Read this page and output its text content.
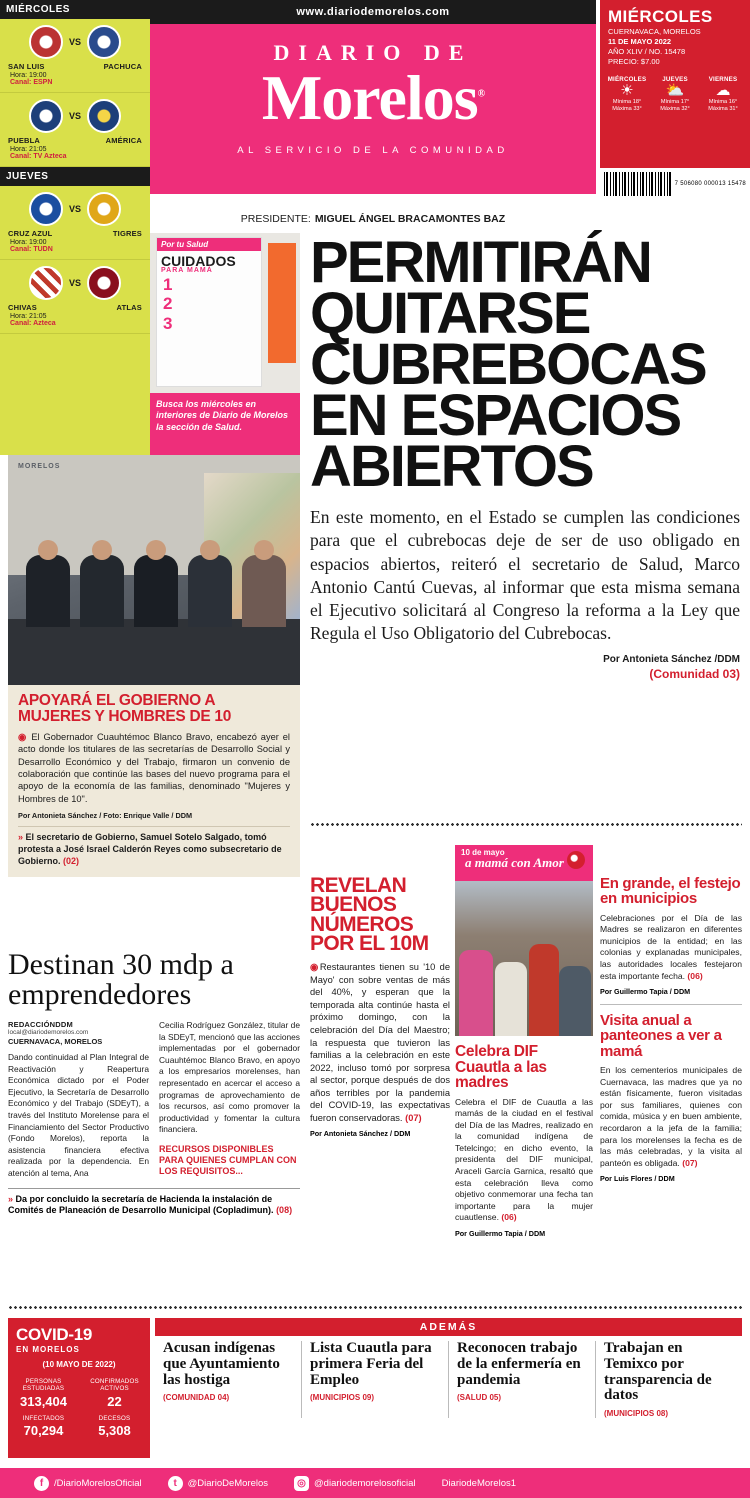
MIÉRCOLES
VS
SAN LUIS	PACHUCA
Hora: 19:00
Canal: ESPN
VS
PUEBLA	AMÉRICA
Hora: 21:05
Canal: TV Azteca
JUEVES
VS
CRUZ AZUL	TIGRES
Hora: 19:00
Canal: TUDN
VS
CHIVAS	ATLAS
Hora: 21:05
Canal: Azteca
www.diariodemorelos.com
DIARIO DE
Morelos®
AL SERVICIO DE LA COMUNIDAD
PRESIDENTE: MIGUEL ÁNGEL BRACAMONTES BAZ
MIÉRCOLES
CUERNAVACA, MORELOS
11 DE MAYO 2022
AÑO XLIV / NO. 15478
PRECIO: $7.00
MIÉRCOLES
☀
Mínima 18°
Máxima 33°
JUEVES
⛅
Mínima 17°
Máxima 32°
VIERNES
☁
Mínima 16°
Máxima 31°
7 506080 000013 15478
Por tu Salud
CUIDADOS
PARA MAMÁ
1
2
3
Busca los miércoles en interiores de Diario de Morelos la sección de Salud.
PERMITIRÁN QUITARSE CUBREBOCAS EN ESPACIOS ABIERTOS

En este momento, en el Estado se cumplen las condiciones para que el cubrebocas deje de ser de uso obligado en espacios abiertos, reiteró el secretario de Salud, Marco Antonio Cantú Cuevas, al informar que esta misma semana el Ejecutivo solicitará al Congreso la reforma a la Ley que Regula el Uso Obligatorio del Cubrebocas.

Por Antonieta Sánchez /DDM
(Comunidad 03)
MORELOS
APOYARÁ EL GOBIERNO A MUJERES Y HOMBRES DE 10
◉ El Gobernador Cuauhtémoc Blanco Bravo, encabezó ayer el acto donde los titulares de las secretarías de Desarrollo Social y Desarrollo Económico y del Trabajo, firmaron un convenio de colaboración que continúe las bases del nuevo programa para el apoyo de la economía de las familias, denominado "Mujeres y Hombres de 10".
Por Antonieta Sánchez / Foto: Enrique Valle / DDM
» El secretario de Gobierno, Samuel Sotelo Salgado, tomó protesta a José Israel Calderón Reyes como subsecretario de Gobierno. (02)
Destinan 30 mdp a emprendedores
REDACCIÓNDDM
local@diariodemorelos.com
CUERNAVACA, MORELOS
Dando continuidad al Plan Integral de Reactivación y Reapertura Económica dictado por el Poder Ejecutivo, la Secretaría de Desarrollo Económico y del Trabajo (SDEyT), a través del Instituto Morelense para el Financiamiento del Sector Productivo (Fondo Morelos), reporta la asistencia financiera efectiva realizada por la dependencia. En atención al tema, Ana
Cecilia Rodríguez González, titular de la SDEyT, mencionó que las acciones implementadas por el gobernador Cuauhtémoc Blanco Bravo, en apoyo a los empresarios morelenses, han representado en acercar el acceso a programas de aprovechamiento de los recursos, así como promover la productividad y fomentar la cultura financiera.
RECURSOS DISPONIBLES PARA QUIENES CUMPLAN CON LOS REQUISITOS...
» Da por concluido la secretaría de Hacienda la instalación de Comités de Planeación de Desarrollo Municipal (Copladimun). (08)
REVELAN BUENOS NÚMEROS POR EL 10M

◉Restaurantes tienen su '10 de Mayo' con sobre ventas de más del 40%, y esperan que la temporada alta continúe hasta el próximo domingo, con la celebración del Día del Maestro; la respuesta que tuvieron las familias a la celebración en este 2022, incluso tomó por sorpresa al sector, porque después de dos años terribles por la pandemia del COVID-19, las expectativas fueron conservadoras. (07)

Por Antonieta Sánchez / DDM
10 de mayo
a mamá con Amor
Celebra DIF Cuautla a las madres
Celebra el DIF de Cuautla a las mamás de la ciudad en el festival del Día de las Madres, realizado en la comunidad indígena de Tetelcingo; en dicho evento, la presidenta del DIF municipal, Araceli García Garnica, resaltó que esta celebración lleva como objetivo conmemorar una fecha tan importante para la mujer cuautlense. (06)
Por Guillermo Tapia / DDM
En grande, el festejo en municipios

Celebraciones por el Día de las Madres se realizaron en diferentes municipios de la entidad; en las colonias y explanadas municipales, las autoridades locales festejaron esta importante fecha. (06)

Por Guillermo Tapia / DDM
Visita anual a panteones a ver a mamá

En los cementerios municipales de Cuernavaca, las madres que ya no están físicamente, fueron visitadas por sus familiares, quienes con comida, música y en buen ambiente, recordaron a la jefa de la familia; para los morelenses la fecha es de las más celebradas, y la visita al panteón es obligada. (07)

Por Luis Flores / DDM
COVID-19
EN MORELOS
(10 MAYO DE 2022)
PERSONAS ESTUDIADAS
313,404
CONFIRMADOS ACTIVOS
22
INFECTADOS
70,294
DECESOS
5,308
ADEMÁS
Acusan indígenas que Ayuntamiento las hostiga
(COMUNIDAD 04)
Lista Cuautla para primera Feria del Empleo
(MUNICIPIOS 09)
Reconocen trabajo de la enfermería en pandemia
(SALUD 05)
Trabajan en Temixco por transparencia de datos
(MUNICIPIOS 08)
f	/DiarioMorelosOficial	t	@DiarioDeMorelos	◎ @diariodemorelosoficial	DiariodeMorelos1
